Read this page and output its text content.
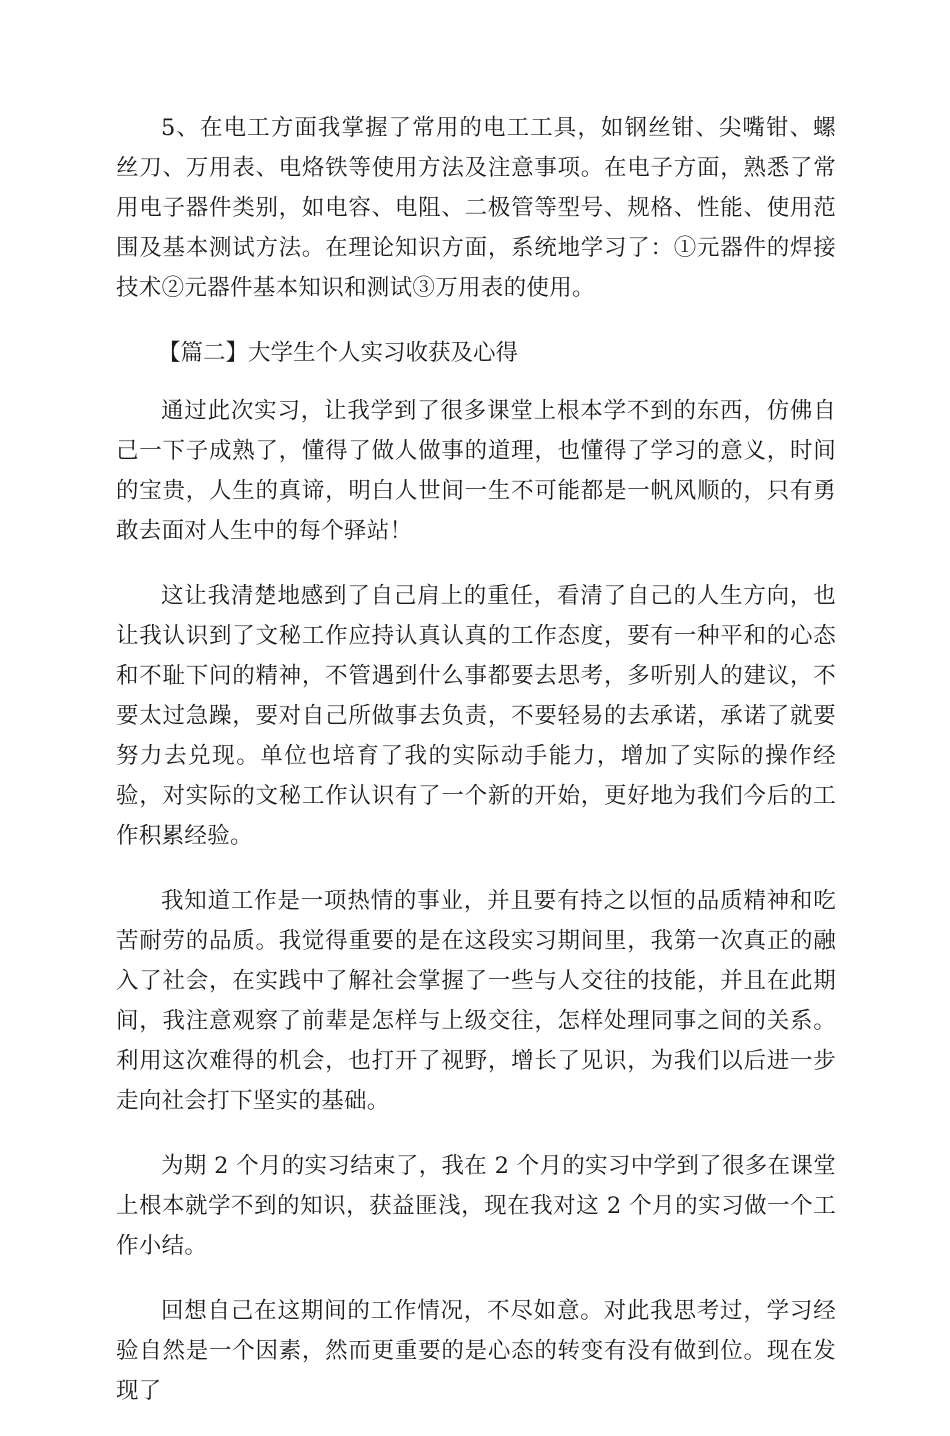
5、在电工方面我掌握了常用的电工工具，如钢丝钳、尖嘴钳、螺丝刀、万用表、电烙铁等使用方法及注意事项。在电子方面，熟悉了常用电子器件类别，如电容、电阻、二极管等型号、规格、性能、使用范围及基本测试方法。在理论知识方面，系统地学习了：①元器件的焊接技术②元器件基本知识和测试③万用表的使用。

【篇二】大学生个人实习收获及心得

通过此次实习，让我学到了很多课堂上根本学不到的东西，仿佛自己一下子成熟了，懂得了做人做事的道理，也懂得了学习的意义，时间的宝贵，人生的真谛，明白人世间一生不可能都是一帆风顺的，只有勇敢去面对人生中的每个驿站！

这让我清楚地感到了自己肩上的重任，看清了自己的人生方向，也让我认识到了文秘工作应持认真认真的工作态度，要有一种平和的心态和不耻下问的精神，不管遇到什么事都要去思考，多听别人的建议，不要太过急躁，要对自己所做事去负责，不要轻易的去承诺，承诺了就要努力去兑现。单位也培育了我的实际动手能力，增加了实际的操作经验，对实际的文秘工作认识有了一个新的开始，更好地为我们今后的工作积累经验。

我知道工作是一项热情的事业，并且要有持之以恒的品质精神和吃苦耐劳的品质。我觉得重要的是在这段实习期间里，我第一次真正的融入了社会，在实践中了解社会掌握了一些与人交往的技能，并且在此期间，我注意观察了前辈是怎样与上级交往，怎样处理同事之间的关系。利用这次难得的机会，也打开了视野，增长了见识，为我们以后进一步走向社会打下坚实的基础。

为期 2 个月的实习结束了，我在 2 个月的实习中学到了很多在课堂上根本就学不到的知识，获益匪浅，现在我对这 2 个月的实习做一个工作小结。

回想自己在这期间的工作情况，不尽如意。对此我思考过，学习经验自然是一个因素，然而更重要的是心态的转变有没有做到位。现在发现了
